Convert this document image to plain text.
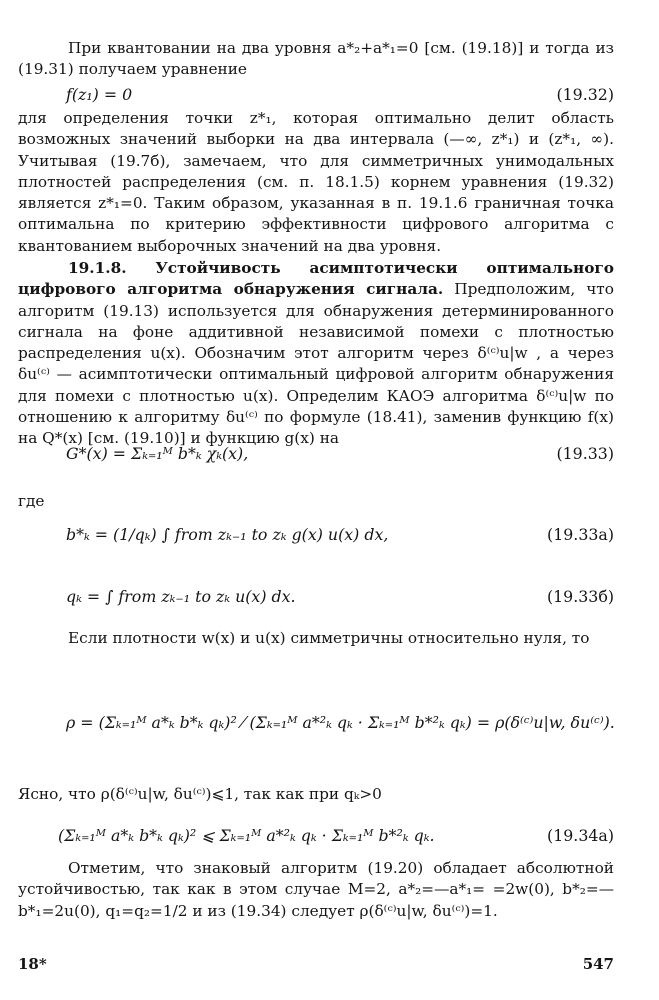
При квантовании на два уровня a*₂+a*₁=0 [см. (19.18)] и тогда из (19.31) получаем уравнение

f(z₁) = 0	(19.32)

для определения точки z*₁, которая оптимально делит область возможных значений выборки на два интервала (—∞, z*₁) и (z*₁, ∞). Учитывая (19.7б), замечаем, что для симметричных унимодальных плотностей распределения (см. п. 18.1.5) корнем уравнения (19.32) является z*₁=0. Таким образом, указанная в п. 19.1.6 граничная точка оптимальна по критерию эффективности цифрового алгоритма с квантованием выборочных значений на два уровня.

19.1.8. Устойчивость асимптотически оптимального цифрового алгоритма обнаружения сигнала. Предположим, что алгоритм (19.13) используется для обнаружения детерминированного сигнала на фоне аддитивной независимой помехи с плотностью распределения u(x). Обозначим этот алгоритм через δ⁽ᶜ⁾u|w , а через δu⁽ᶜ⁾ — асимптотически оптимальный цифровой алгоритм обнаружения для помехи с плотностью u(x). Определим КАОЭ алгоритма δ⁽ᶜ⁾u|w по отношению к алгоритму δu⁽ᶜ⁾ по формуле (18.41), заменив функцию f(x) на Q*(x) [см. (19.10)] и функцию g(x) на

G*(x) = Σₖ₌₁ᴹ b*ₖ χₖ(x),	(19.33)
где
b*ₖ = (1/qₖ) ∫ from zₖ₋₁ to zₖ g(x) u(x) dx,	(19.33а)
qₖ = ∫ from zₖ₋₁ to zₖ u(x) dx.	(19.33б)

Если плотности w(x) и u(x) симметричны относительно нуля, то

ρ = (Σₖ₌₁ᴹ a*ₖ b*ₖ qₖ)² ⁄ (Σₖ₌₁ᴹ a*²ₖ qₖ · Σₖ₌₁ᴹ b*²ₖ qₖ) = ρ(δ⁽ᶜ⁾u|w, δu⁽ᶜ⁾).

Ясно, что ρ(δ⁽ᶜ⁾u|w, δu⁽ᶜ⁾)⩽1, так как при qₖ>0

(Σₖ₌₁ᴹ a*ₖ b*ₖ qₖ)² ⩽ Σₖ₌₁ᴹ a*²ₖ qₖ · Σₖ₌₁ᴹ b*²ₖ qₖ.	(19.34а)

Отметим, что знаковый алгоритм (19.20) обладает абсолютной устойчивостью, так как в этом случае M=2, a*₂=—a*₁= =2w(0), b*₂=—b*₁=2u(0), q₁=q₂=1/2 и из (19.34) следует ρ(δ⁽ᶜ⁾u|w, δu⁽ᶜ⁾)=1.

18*	547
